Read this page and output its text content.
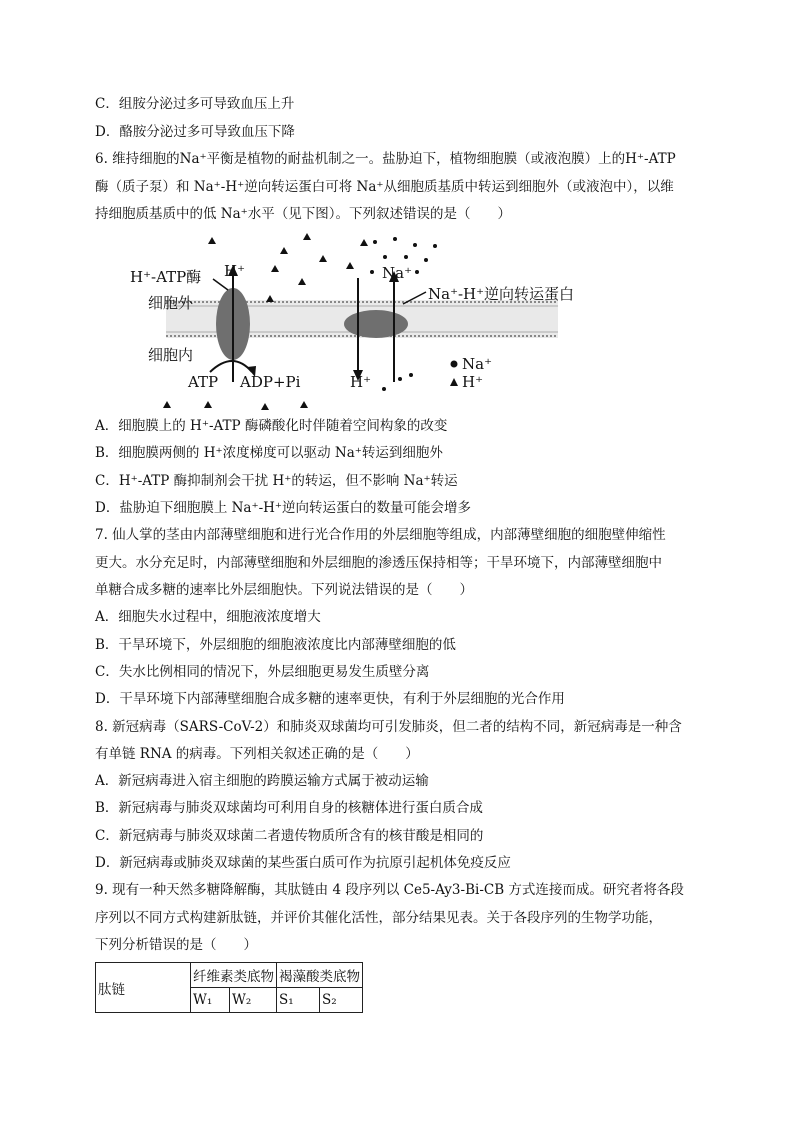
C．组胺分泌过多可导致血压上升
D．酪胺分泌过多可导致血压下降
6. 维持细胞的Na⁺平衡是植物的耐盐机制之一。盐胁迫下，植物细胞膜（或液泡膜）上的H⁺-ATP
酶（质子泵）和 Na⁺-H⁺逆向转运蛋白可将 Na⁺从细胞质基质中转运到细胞外（或液泡中），以维
持细胞质基质中的低 Na⁺水平（见下图）。下列叙述错误的是（　　）
H⁺-ATP酶 H⁺
细胞外
细胞内
ATP ADP+Pi
Na⁺
H⁺
Na⁺-H⁺逆向转运蛋白
Na⁺
H⁺
A．细胞膜上的 H⁺-ATP 酶磷酸化时伴随着空间构象的改变
B．细胞膜两侧的 H⁺浓度梯度可以驱动 Na⁺转运到细胞外
C．H⁺-ATP 酶抑制剂会干扰 H⁺的转运，但不影响 Na⁺转运
D．盐胁迫下细胞膜上 Na⁺-H⁺逆向转运蛋白的数量可能会增多
7. 仙人掌的茎由内部薄壁细胞和进行光合作用的外层细胞等组成，内部薄壁细胞的细胞壁伸缩性
更大。水分充足时，内部薄壁细胞和外层细胞的渗透压保持相等；干旱环境下，内部薄壁细胞中
单糖合成多糖的速率比外层细胞快。下列说法错误的是（　　）
A．细胞失水过程中，细胞液浓度增大
B．干旱环境下，外层细胞的细胞液浓度比内部薄壁细胞的低
C．失水比例相同的情况下，外层细胞更易发生质壁分离
D．干旱环境下内部薄壁细胞合成多糖的速率更快，有利于外层细胞的光合作用
8. 新冠病毒（SARS-CoV-2）和肺炎双球菌均可引发肺炎，但二者的结构不同，新冠病毒是一种含
有单链 RNA 的病毒。下列相关叙述正确的是（　　）
A．新冠病毒进入宿主细胞的跨膜运输方式属于被动运输
B．新冠病毒与肺炎双球菌均可利用自身的核糖体进行蛋白质合成
C．新冠病毒与肺炎双球菌二者遗传物质所含有的核苷酸是相同的
D．新冠病毒或肺炎双球菌的某些蛋白质可作为抗原引起机体免疫反应
9. 现有一种天然多糖降解酶，其肽链由 4 段序列以 Ce5-Ay3-Bi-CB 方式连接而成。研究者将各段
序列以不同方式构建新肽链，并评价其催化活性，部分结果见表。关于各段序列的生物学功能，
下列分析错误的是（　　）
肽链	纤维素类底物		褐藻酸类底物	
	W₁	W₂	S₁	S₂
